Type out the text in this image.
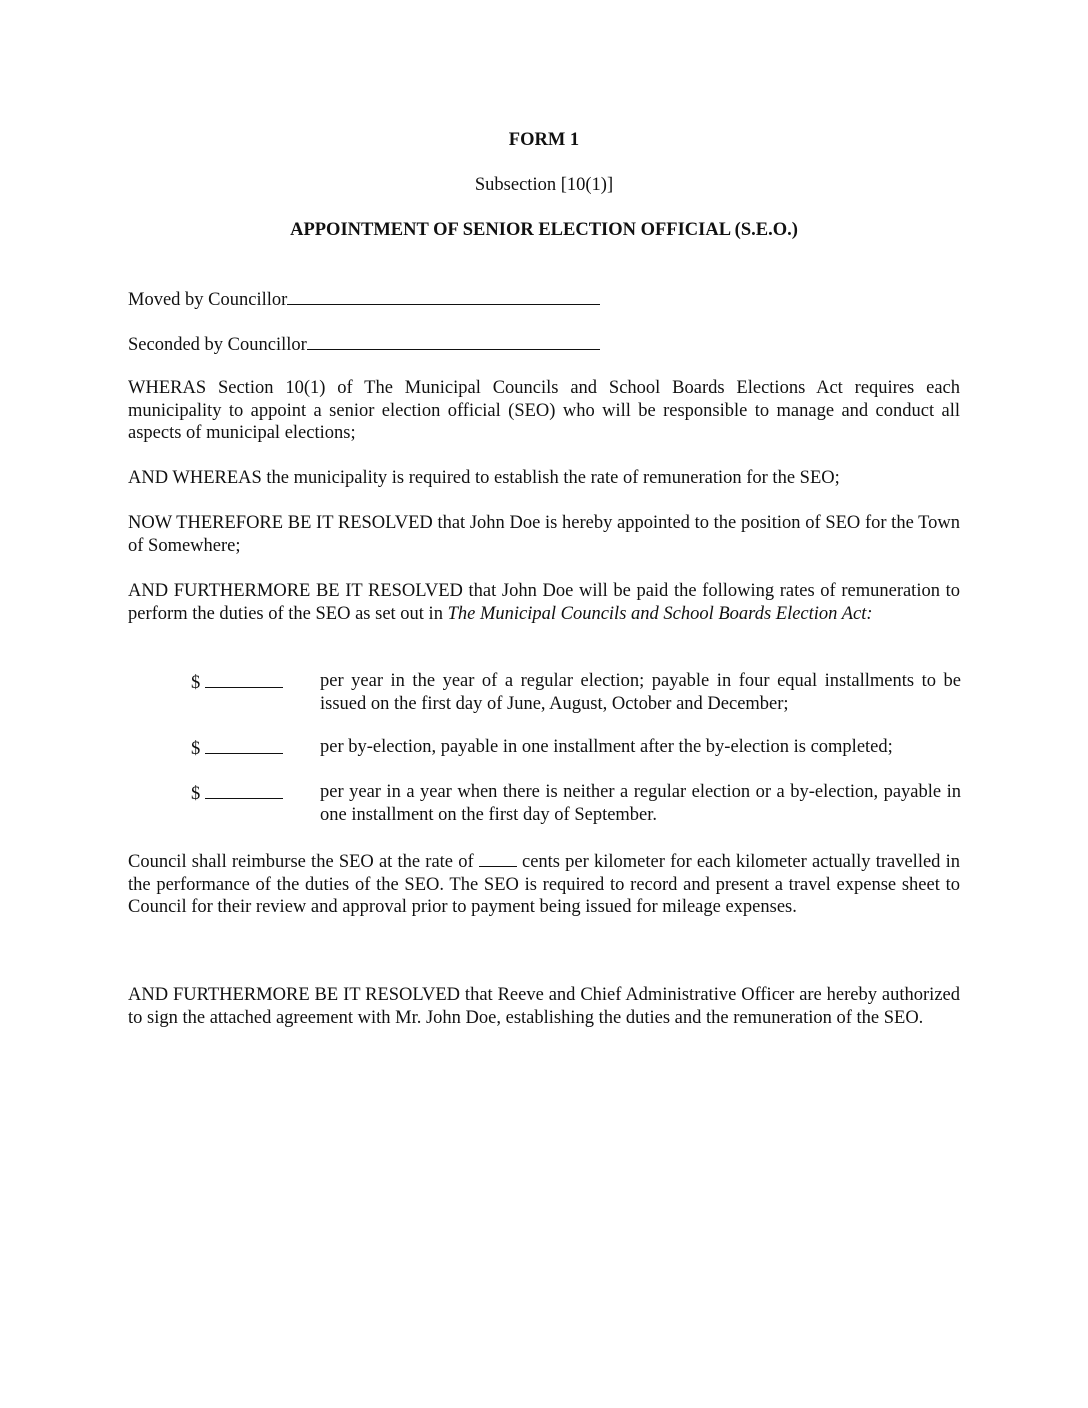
FORM 1
Subsection [10(1)]
APPOINTMENT OF SENIOR ELECTION OFFICIAL (S.E.O.)
Moved by Councillor
Seconded by Councillor
WHERAS Section 10(1) of The Municipal Councils and School Boards Elections Act requires each municipality to appoint a senior election official (SEO) who will be responsible to manage and conduct all aspects of municipal elections;
AND WHEREAS the municipality is required to establish the rate of remuneration for the SEO;
NOW THEREFORE BE IT RESOLVED that John Doe is hereby appointed to the position of SEO for the Town of Somewhere;
AND FURTHERMORE BE IT RESOLVED that John Doe will be paid the following rates of remuneration to perform the duties of the SEO as set out in The Municipal Councils and School Boards Election Act:
$	per year in the year of a regular election; payable in four equal installments to be issued on the first day of June, August, October and December;
$	per by-election, payable in one installment after the by-election is completed;
$	per year in a year when there is neither a regular election or a by-election, payable in one installment on the first day of September.
Council shall reimburse the SEO at the rate of  cents per kilometer for each kilometer actually travelled in the performance of the duties of the SEO. The SEO is required to record and present a travel expense sheet to Council for their review and approval prior to payment being issued for mileage expenses.
AND FURTHERMORE BE IT RESOLVED that Reeve and Chief Administrative Officer are hereby authorized to sign the attached agreement with Mr. John Doe, establishing the duties and the remuneration of the SEO.
